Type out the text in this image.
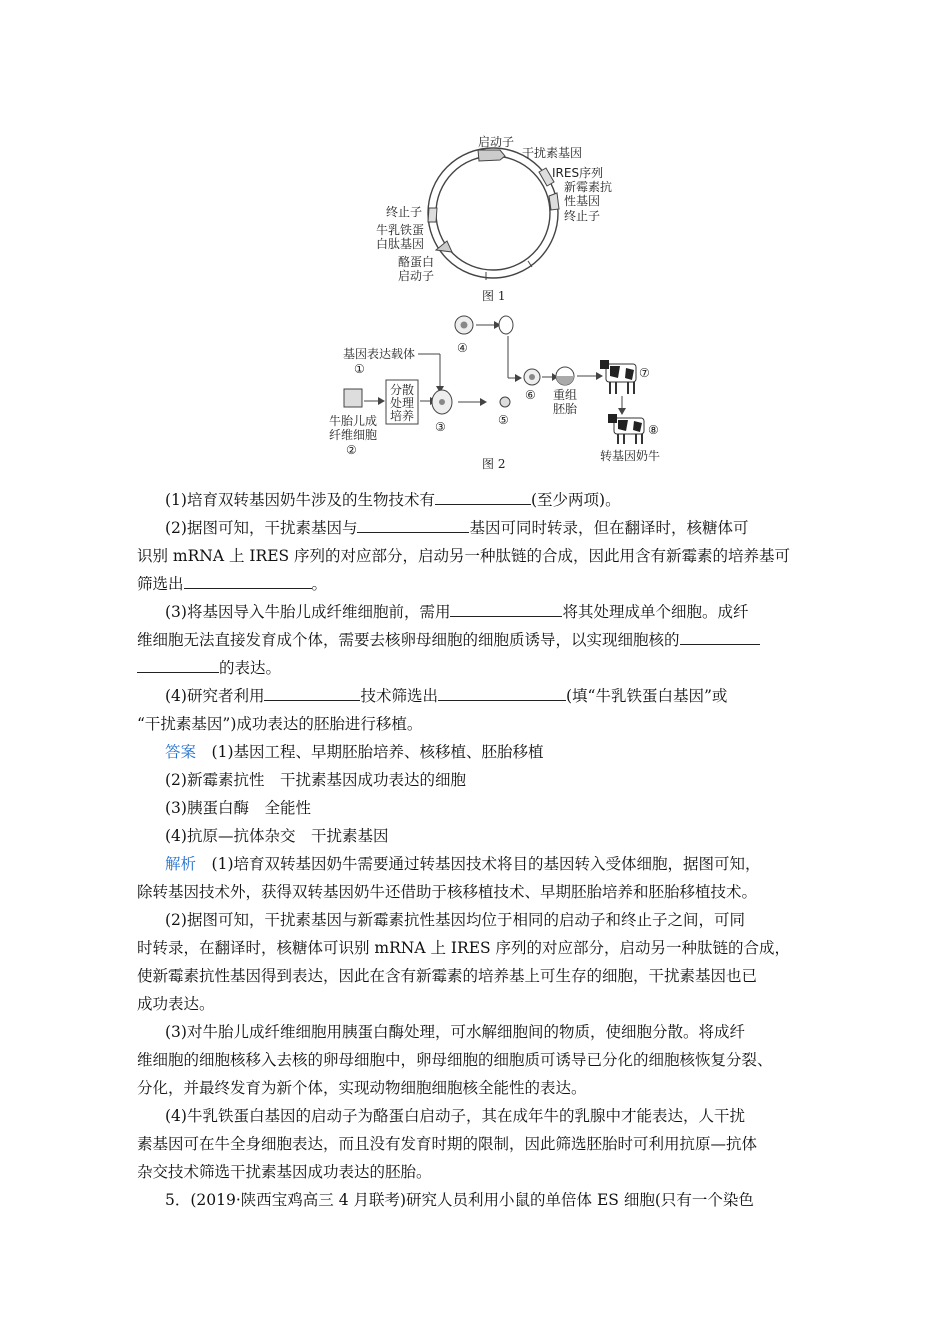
启动子
干扰素基因
IRES序列
新霉素抗
性基因
终止子
终止子
牛乳铁蛋
白肽基因
酪蛋白
启动子
图 1
④
基因表达载体
①
分散
处理
培养
牛胎儿成
纤维细胞
②
③	⑤
⑥ 重组
胚胎
⑦
⑧
转基因奶牛
图 2

(1)培育双转基因奶牛涉及的生物技术有	(至少两项)。

(2)据图可知，干扰素基因与	基因可同时转录，但在翻译时，核糖体可

识别 mRNA 上 IRES 序列的对应部分，启动另一种肽链的合成，因此用含有新霉素的培养基可

筛选出	。

(3)将基因导入牛胎儿成纤维细胞前，需用	将其处理成单个细胞。成纤

维细胞无法直接发育成个体，需要去核卵母细胞的细胞质诱导，以实现细胞核的

的表达。

(4)研究者利用	技术筛选出	(填“牛乳铁蛋白基因”或

“干扰素基因”)成功表达的胚胎进行移植。

答案　 (1)基因工程、早期胚胎培养、核移植、胚胎移植

(2)新霉素抗性　干扰素基因成功表达的细胞

(3)胰蛋白酶　全能性

(4)抗原—抗体杂交　干扰素基因

解析　 (1)培育双转基因奶牛需要通过转基因技术将目的基因转入受体细胞，据图可知，

除转基因技术外，获得双转基因奶牛还借助于核移植技术、早期胚胎培养和胚胎移植技术。

(2)据图可知，干扰素基因与新霉素抗性基因均位于相同的启动子和终止子之间，可同

时转录，在翻译时，核糖体可识别 mRNA 上 IRES 序列的对应部分，启动另一种肽链的合成，

使新霉素抗性基因得到表达，因此在含有新霉素的培养基上可生存的细胞，干扰素基因也已

成功表达。

(3)对牛胎儿成纤维细胞用胰蛋白酶处理，可水解细胞间的物质，使细胞分散。将成纤

维细胞的细胞核移入去核的卵母细胞中，卵母细胞的细胞质可诱导已分化的细胞核恢复分裂、

分化，并最终发育为新个体，实现动物细胞细胞核全能性的表达。

(4)牛乳铁蛋白基因的启动子为酪蛋白启动子，其在成年牛的乳腺中才能表达，人干扰

素基因可在牛全身细胞表达，而且没有发育时期的限制，因此筛选胚胎时可利用抗原—抗体

杂交技术筛选干扰素基因成功表达的胚胎。

5．(2019·陕西宝鸡高三 4 月联考)研究人员利用小鼠的单倍体 ES 细胞(只有一个染色
